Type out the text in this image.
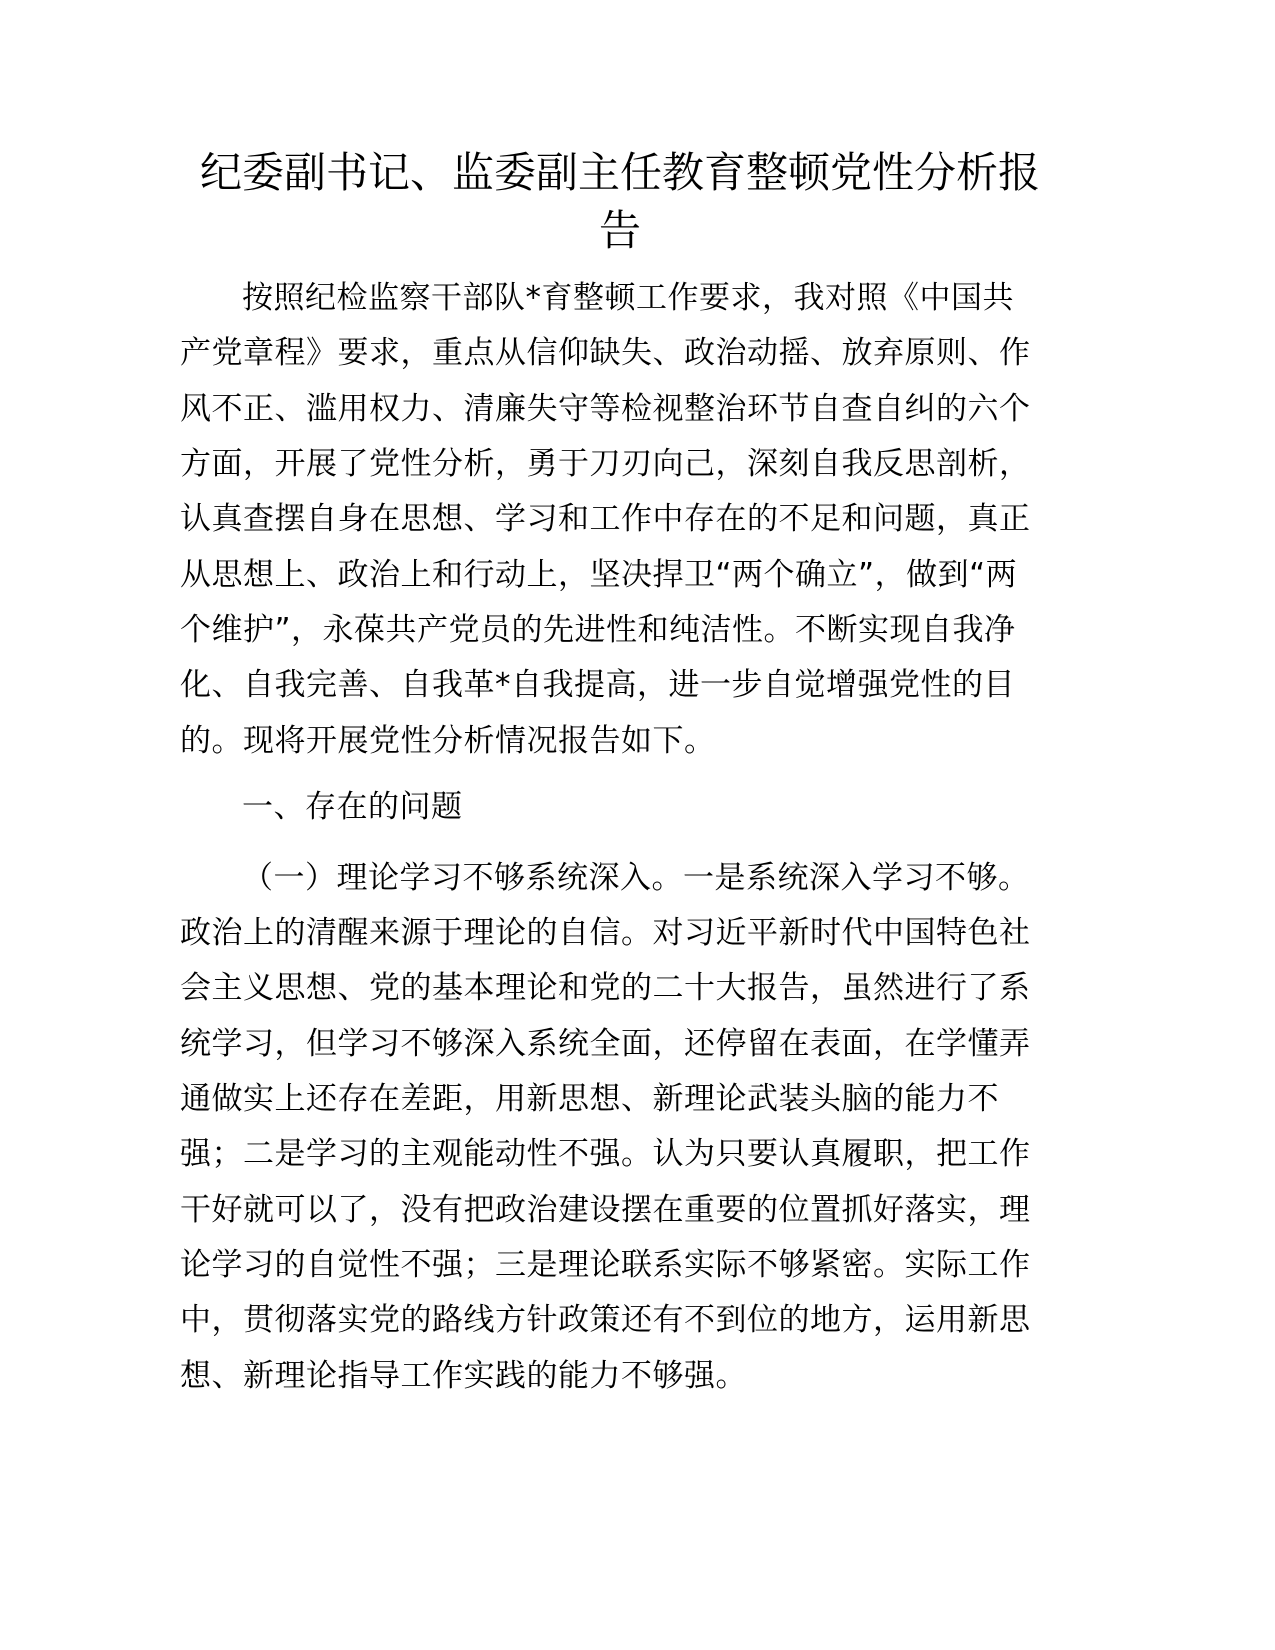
纪委副书记、监委副主任教育整顿党性分析报
告
按照纪检监察干部队*育整顿工作要求，我对照《中国共
产党章程》要求，重点从信仰缺失、政治动摇、放弃原则、作
风不正、滥用权力、清廉失守等检视整治环节自查自纠的六个
方面，开展了党性分析，勇于刀刃向己，深刻自我反思剖析，
认真查摆自身在思想、学习和工作中存在的不足和问题，真正
从思想上、政治上和行动上，坚决捍卫“两个确立”，做到“两
个维护”，永葆共产党员的先进性和纯洁性。不断实现自我净
化、自我完善、自我革*自我提高，进一步自觉增强党性的目
的。现将开展党性分析情况报告如下。
一、存在的问题
（一）理论学习不够系统深入。一是系统深入学习不够。
政治上的清醒来源于理论的自信。对习近平新时代中国特色社
会主义思想、党的基本理论和党的二十大报告，虽然进行了系
统学习，但学习不够深入系统全面，还停留在表面，在学懂弄
通做实上还存在差距，用新思想、新理论武装头脑的能力不
强；二是学习的主观能动性不强。认为只要认真履职，把工作
干好就可以了，没有把政治建设摆在重要的位置抓好落实，理
论学习的自觉性不强；三是理论联系实际不够紧密。实际工作
中，贯彻落实党的路线方针政策还有不到位的地方，运用新思
想、新理论指导工作实践的能力不够强。
